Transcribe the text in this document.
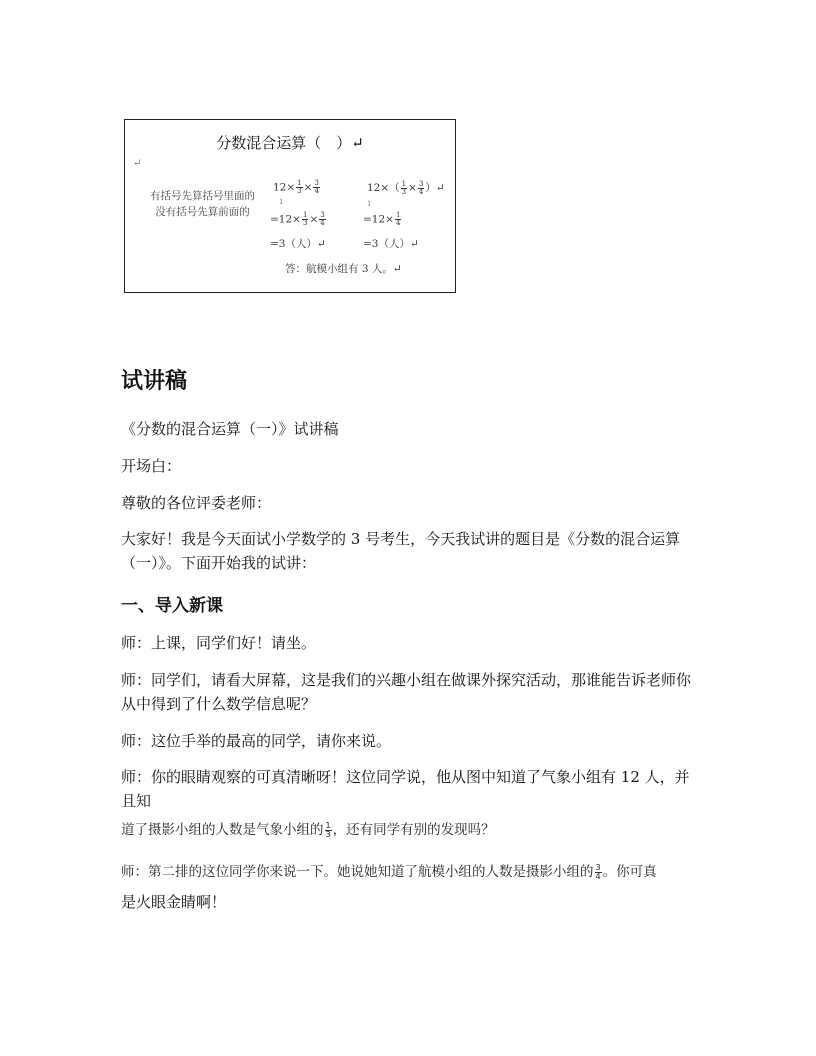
分数混合运算（　）↵
↵
有括号先算括号里面的 没有括号先算前面的
$12\times \frac{1}{3} \times \frac{3}{4}$
1
$=12\times \frac{1}{3} \times \frac{3}{4}$
=3（人）↵
$12\times( \frac{1}{3} \times \frac{3}{4}$ ）↵
1
$=12\times \frac{1}{4}$
=3（人）↵
答：航模小组有 3 人。↵
试讲稿
《分数的混合运算（一）》试讲稿
开场白：
尊敬的各位评委老师：
大家好！我是今天面试小学数学的 3 号考生，今天我试讲的题目是《分数的混合运算（一）》。下面开始我的试讲：
一、导入新课
师：上课，同学们好！请坐。
师：同学们，请看大屏幕，这是我们的兴趣小组在做课外探究活动，那谁能告诉老师你从中得到了什么数学信息呢？
师：这位手举的最高的同学，请你来说。
师：你的眼睛观察的可真清晰呀！这位同学说，他从图中知道了气象小组有 12 人，并且知
道了摄影小组的人数是气象小组的 $\frac{1}{3}$ ，还有同学有别的发现吗？
师：第二排的这位同学你来说一下。她说她知道了航模小组的人数是摄影小组的 $\frac{3}{4}$ 。你可真
是火眼金睛啊！
